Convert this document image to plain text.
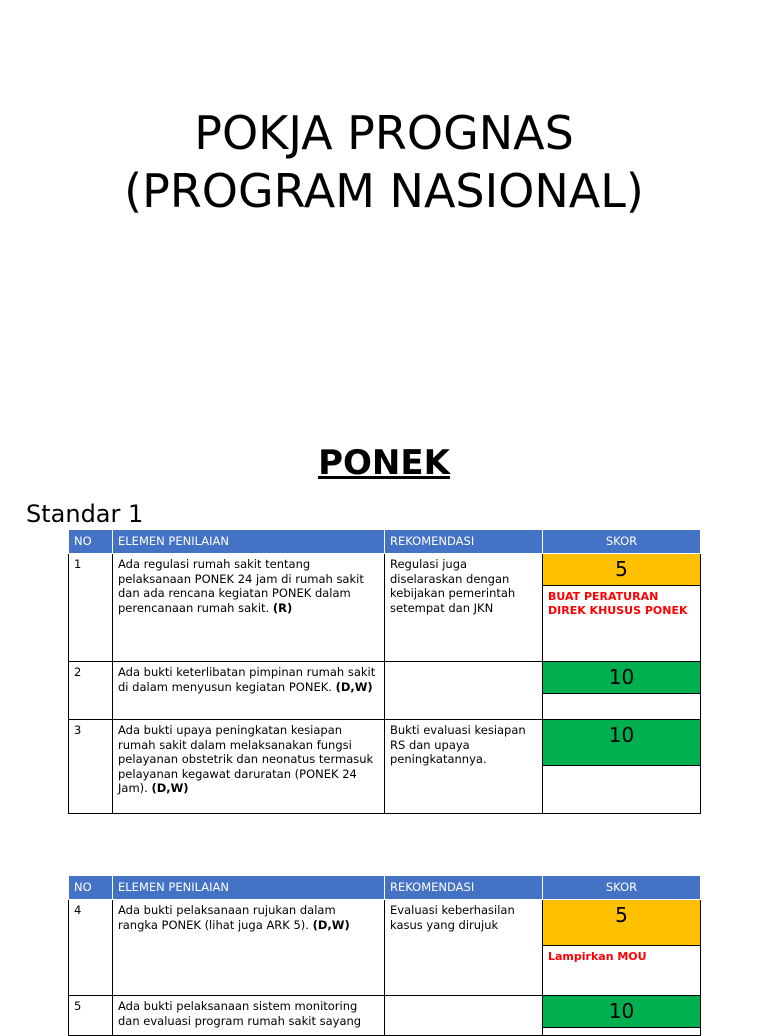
POKJA PROGNAS
(PROGRAM NASIONAL)
PONEK
Standar 1
NO	ELEMEN PENILAIAN	REKOMENDASI	SKOR
1	Ada regulasi rumah sakit tentang pelaksanaan PONEK 24 jam di rumah sakit dan ada rencana kegiatan PONEK dalam perencanaan rumah sakit. (R)	Regulasi juga diselaraskan dengan kebijakan pemerintah setempat dan JKN	5
BUAT PERATURAN DIREK KHUSUS PONEK

2	Ada bukti keterlibatan pimpinan rumah sakit di dalam menyusun kegiatan PONEK. (D,W)		10

3	Ada bukti upaya peningkatan kesiapan rumah sakit dalam melaksanakan fungsi pelayanan obstetrik dan neonatus termasuk pelayanan kegawat daruratan (PONEK 24 Jam). (D,W)	Bukti evaluasi kesiapan RS dan upaya peningkatannya.	10
NO	ELEMEN PENILAIAN	REKOMENDASI	SKOR
4	Ada bukti pelaksanaan rujukan dalam rangka PONEK (lihat juga ARK 5). (D,W)	Evaluasi keberhasilan kasus yang dirujuk	5
Lampirkan MOU

5	Ada bukti pelaksanaan sistem monitoring dan evaluasi program rumah sakit sayang		10
